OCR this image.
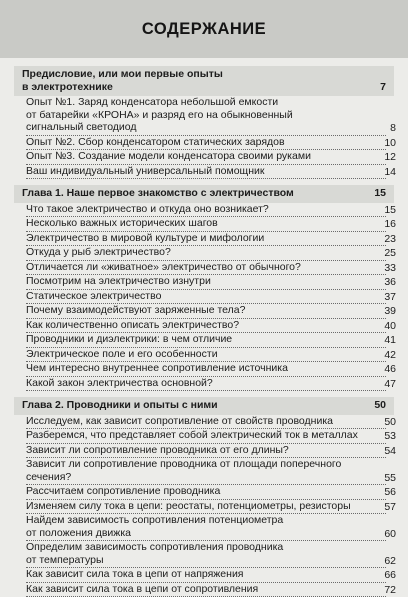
СОДЕРЖАНИЕ
Предисловие, или мои первые опыты
в электротехнике	7
Опыт №1. Заряд конденсатора небольшой емкости
от батарейки «КРОНА» и разряд его на обыкновенный
сигнальный светодиод	8
Опыт №2. Сбор конденсатором статических зарядов	10
Опыт №3. Создание модели конденсатора своими руками	12
Ваш индивидуальный универсальный помощник	14
Глава 1. Наше первое знакомство с электричеством	15
Что такое электричество и откуда оно возникает?	15
Несколько важных исторических шагов	16
Электричество в мировой культуре и мифологии	23
Откуда у рыб электричество?	25
Отличается ли «живатное» электричество от обычного?	33
Посмотрим на электричество изнутри	36
Статическое электричество	37
Почему взаимодействуют заряженные тела?	39
Как количественно описать электричество?	40
Проводники и диэлектрики: в чем отличие	41
Электрическое поле и его особенности	42
Чем интересно внутреннее сопротивление источника	46
Какой закон электричества основной?	47
Глава 2. Проводники и опыты с ними	50
Исследуем, как зависит сопротивление от свойств проводника	50
Разберемся, что представляет собой электрический ток в металлах	53
Зависит ли сопротивление проводника от его длины?	54
Зависит ли сопротивление проводника от площади поперечного
сечения?	55
Рассчитаем сопротивление проводника	56
Изменяем силу тока в цепи: реостаты, потенциометры, резисторы	57
Найдем зависимость сопротивления потенциометра
от положения движка	60
Определим зависимость сопротивления проводника
от температуры	62
Как зависит сила тока в цепи от напряжения	66
Как зависит сила тока в цепи от сопротивления	72
